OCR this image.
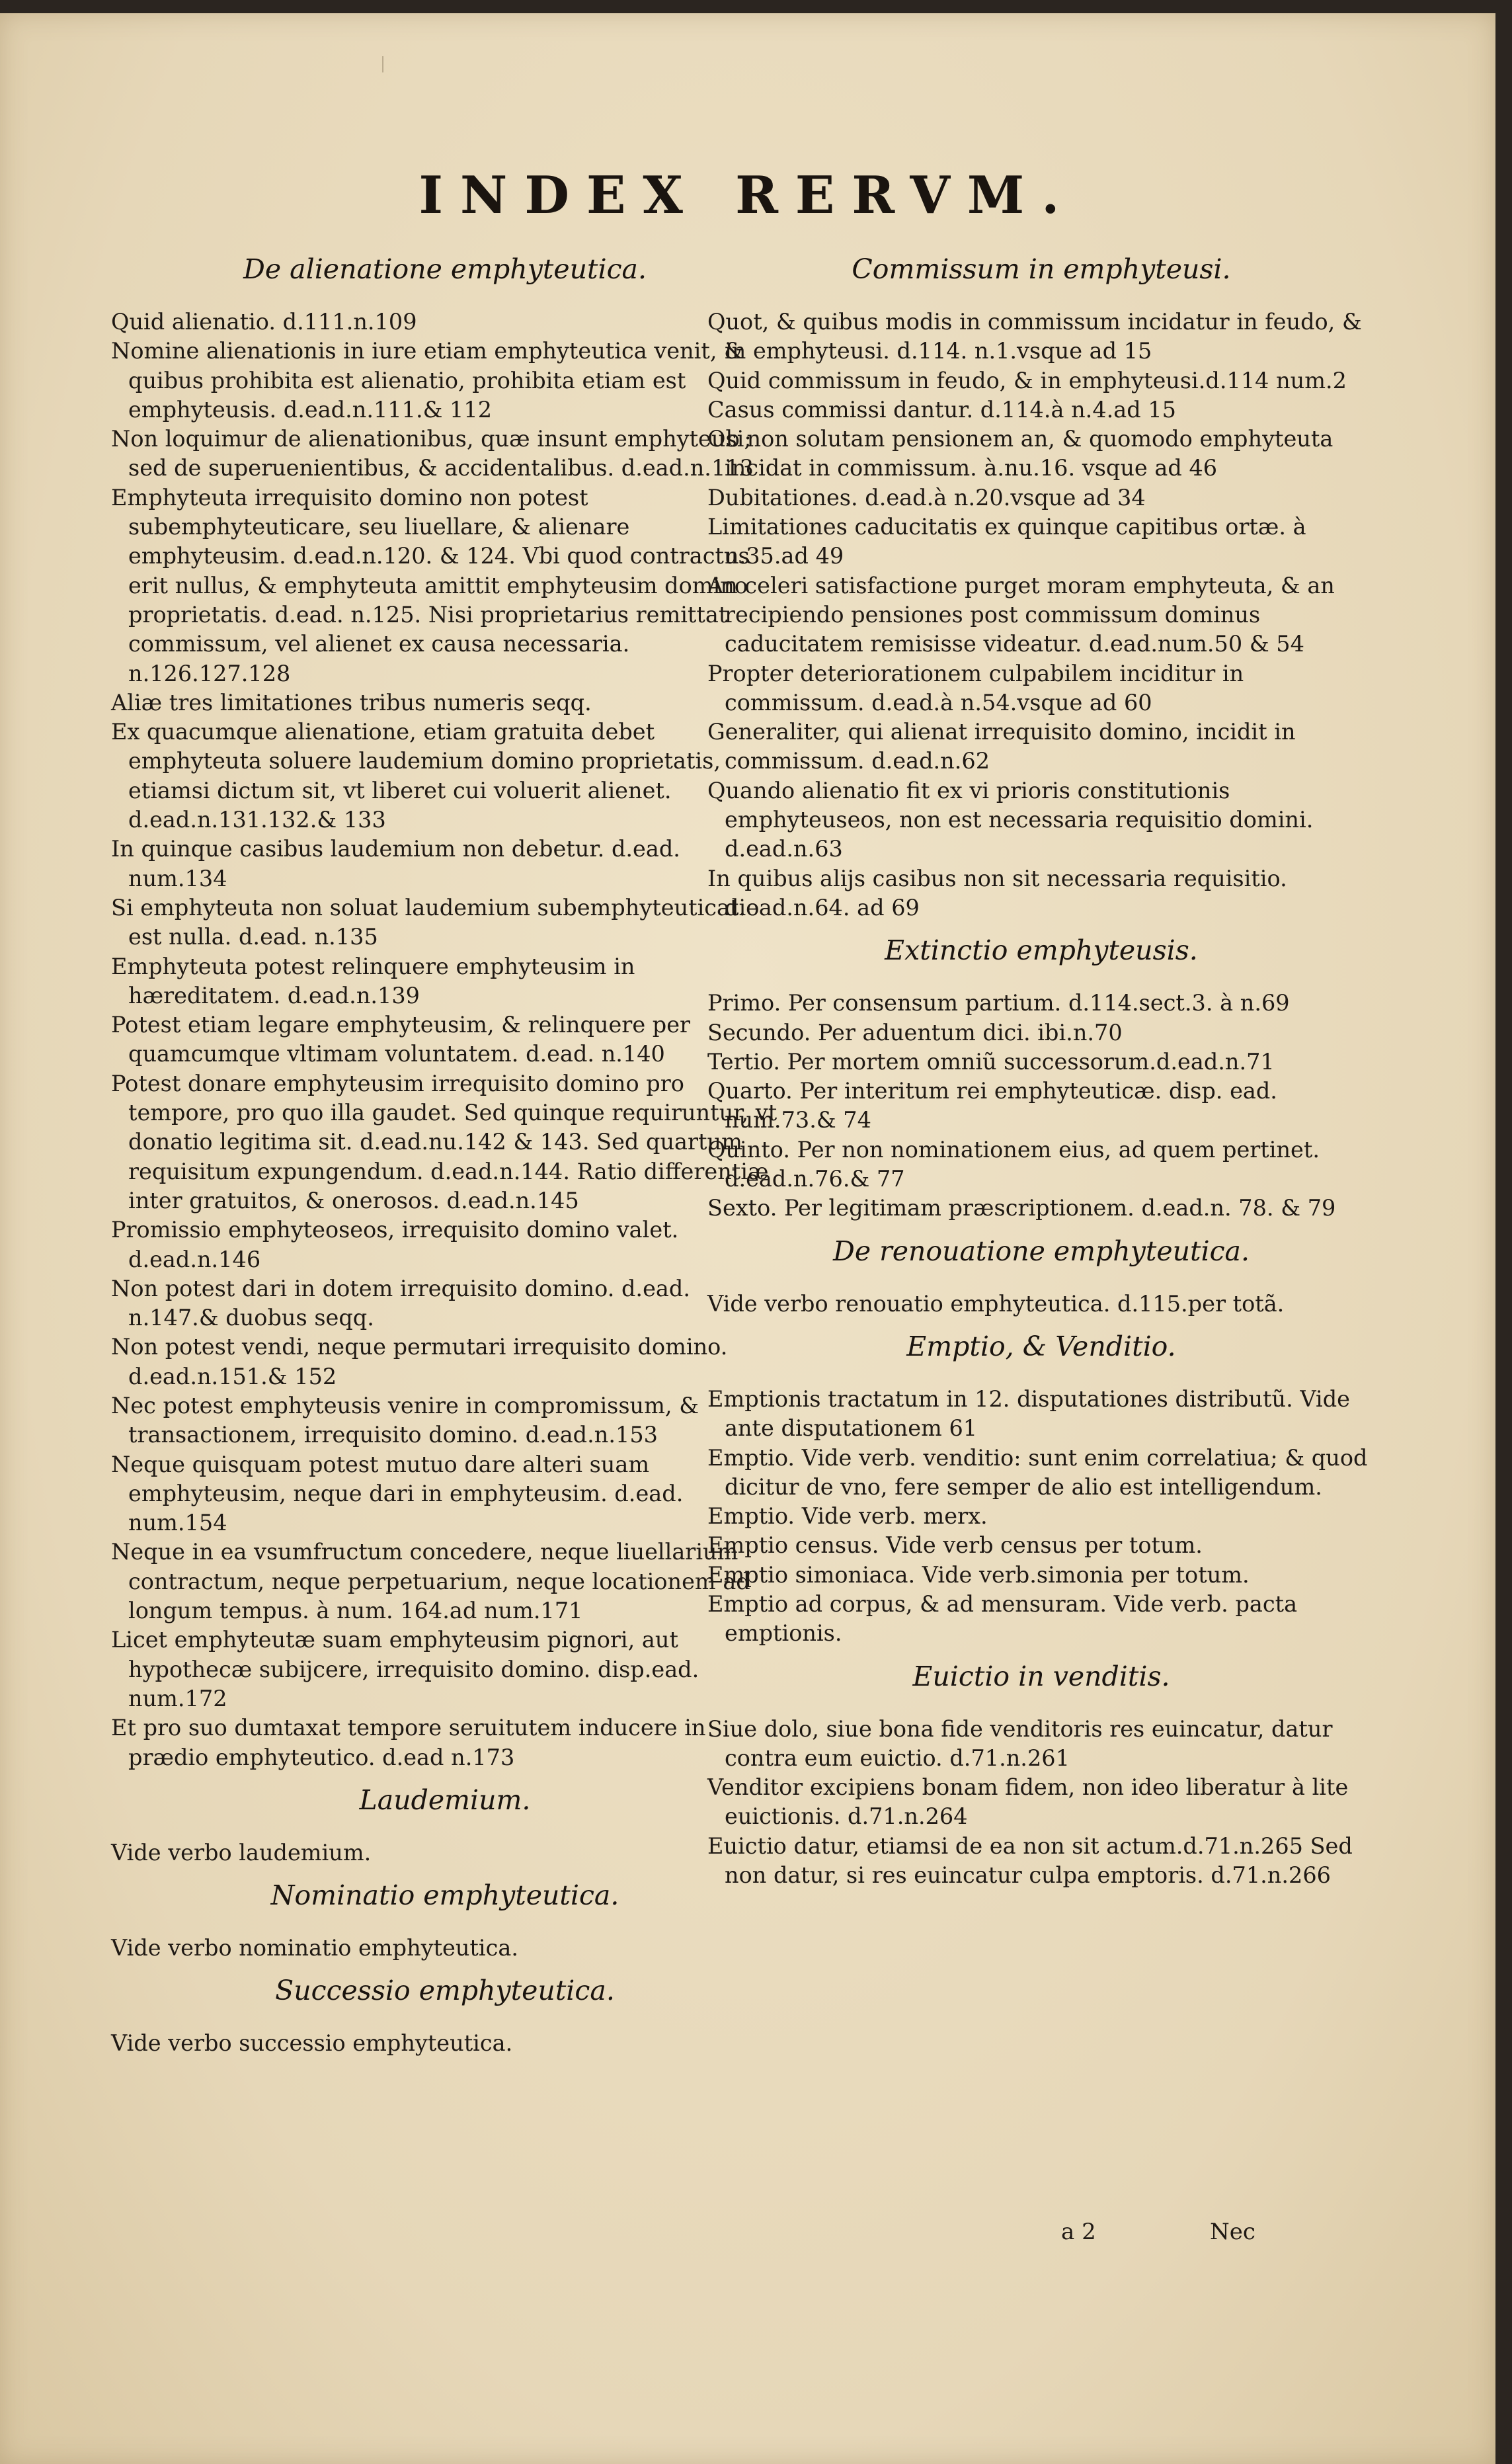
|
INDEX RERVM.
De alienatione emphyteutica.

Quid alienatio. d.111.n.109

Nomine alienationis in iure etiam emphyteutica venit, & quibus prohibita est alienatio, prohibita etiam est emphyteusis. d.ead.n.111.& 112

Non loquimur de alienationibus, quæ insunt emphyteusi; sed de superuenientibus, & accidentalibus. d.ead.n.113

Emphyteuta irrequisito domino non potest subemphyteuticare, seu liuellare, & alienare emphyteusim. d.ead.n.120. & 124. Vbi quod contractus erit nullus, & emphyteuta amittit emphyteusim domino proprietatis. d.ead. n.125. Nisi proprietarius remittat commissum, vel alienet ex causa necessaria. n.126.127.128

Aliæ tres limitationes tribus numeris seqq.

Ex quacumque alienatione, etiam gratuita debet emphyteuta soluere laudemium domino proprietatis, etiamsi dictum sit, vt liberet cui voluerit alienet. d.ead.n.131.132.& 133

In quinque casibus laudemium non debetur. d.ead. num.134

Si emphyteuta non soluat laudemium subemphyteuticatio est nulla. d.ead. n.135

Emphyteuta potest relinquere emphyteusim in hæreditatem. d.ead.n.139

Potest etiam legare emphyteusim, & relinquere per quamcumque vltimam voluntatem. d.ead. n.140

Potest donare emphyteusim irrequisito domino pro tempore, pro quo illa gaudet. Sed quinque requiruntur, vt donatio legitima sit. d.ead.nu.142 & 143. Sed quartum requisitum expungendum. d.ead.n.144. Ratio differentiæ inter gratuitos, & onerosos. d.ead.n.145

Promissio emphyteoseos, irrequisito domino valet. d.ead.n.146

Non potest dari in dotem irrequisito domino. d.ead. n.147.& duobus seqq.

Non potest vendi, neque permutari irrequisito domino. d.ead.n.151.& 152

Nec potest emphyteusis venire in compromissum, & transactionem, irrequisito domino. d.ead.n.153

Neque quisquam potest mutuo dare alteri suam emphyteusim, neque dari in emphyteusim. d.ead. num.154

Neque in ea vsumfructum concedere, neque liuellarium contractum, neque perpetuarium, neque locationem ad longum tempus. à num. 164.ad num.171

Licet emphyteutæ suam emphyteusim pignori, aut hypothecæ subijcere, irrequisito domino. disp.ead. num.172

Et pro suo dumtaxat tempore seruitutem inducere in prædio emphyteutico. d.ead n.173

Laudemium.

Vide verbo laudemium.

Nominatio emphyteutica.

Vide verbo nominatio emphyteutica.

Successio emphyteutica.

Vide verbo successio emphyteutica.

Commissum in emphyteusi.

Quot, & quibus modis in commissum incidatur in feudo, & in emphyteusi. d.114. n.1.vsque ad 15

Quid commissum in feudo, & in emphyteusi.d.114 num.2

Casus commissi dantur. d.114.à n.4.ad 15

Ob non solutam pensionem an, & quomodo emphyteuta incidat in commissum. à.nu.16. vsque ad 46

Dubitationes. d.ead.à n.20.vsque ad 34

Limitationes caducitatis ex quinque capitibus ortæ. à n.35.ad 49

An celeri satisfactione purget moram emphyteuta, & an recipiendo pensiones post commissum dominus caducitatem remisisse videatur. d.ead.num.50 & 54

Propter deteriorationem culpabilem inciditur in commissum. d.ead.à n.54.vsque ad 60

Generaliter, qui alienat irrequisito domino, incidit in commissum. d.ead.n.62

Quando alienatio fit ex vi prioris constitutionis emphyteuseos, non est necessaria requisitio domini. d.ead.n.63

In quibus alijs casibus non sit necessaria requisitio. d.ead.n.64. ad 69

Extinctio emphyteusis.

Primo. Per consensum partium. d.114.sect.3. à n.69

Secundo. Per aduentum dici. ibi.n.70

Tertio. Per mortem omniũ successorum.d.ead.n.71

Quarto. Per interitum rei emphyteuticæ. disp. ead. num.73.& 74

Quinto. Per non nominationem eius, ad quem pertinet. d.ead.n.76.& 77

Sexto. Per legitimam præscriptionem. d.ead.n. 78. & 79

De renouatione emphyteutica.

Vide verbo renouatio emphyteutica. d.115.per totã.

Emptio, & Venditio.

Emptionis tractatum in 12. disputationes distributũ. Vide ante disputationem 61

Emptio. Vide verb. venditio: sunt enim correlatiua; & quod dicitur de vno, fere semper de alio est intelligendum.

Emptio. Vide verb. merx.

Emptio census. Vide verb census per totum.

Emptio simoniaca. Vide verb.simonia per totum.

Emptio ad corpus, & ad mensuram. Vide verb. pacta emptionis.

Euictio in venditis.

Siue dolo, siue bona fide venditoris res euincatur, datur contra eum euictio. d.71.n.261

Venditor excipiens bonam fidem, non ideo liberatur à lite euictionis. d.71.n.264

Euictio datur, etiamsi de ea non sit actum.d.71.n.265 Sed non datur, si res euincatur culpa emptoris. d.71.n.266

a 2	Nec
